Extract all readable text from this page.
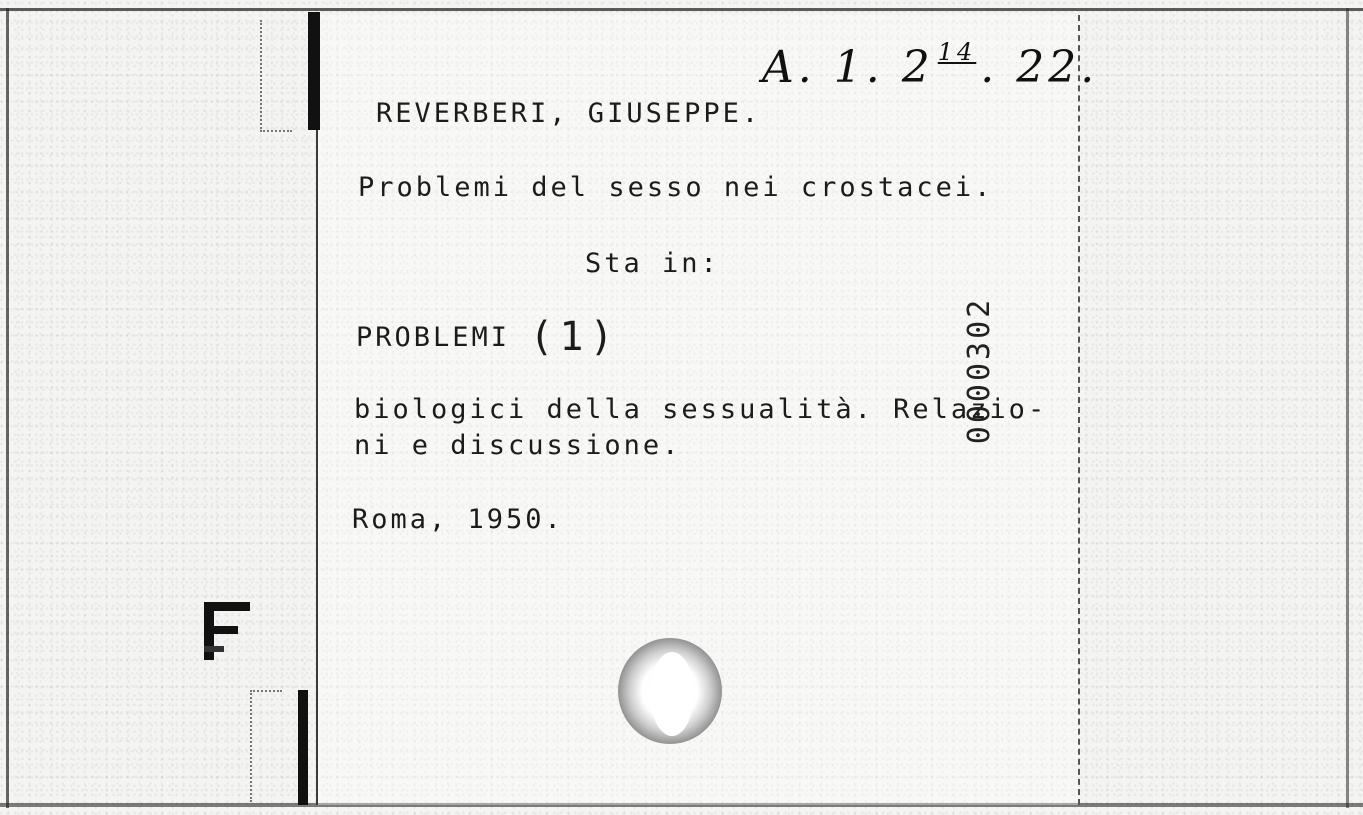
A. 1. 2 $^{14}$. 22.
REVERBERI, GIUSEPPE.
Problemi del sesso nei crostacei.
Sta in:
PROBLEMI (1)
biologici della sessualità. Relazio-
ni e discussione.
Roma, 1950.
0000302
